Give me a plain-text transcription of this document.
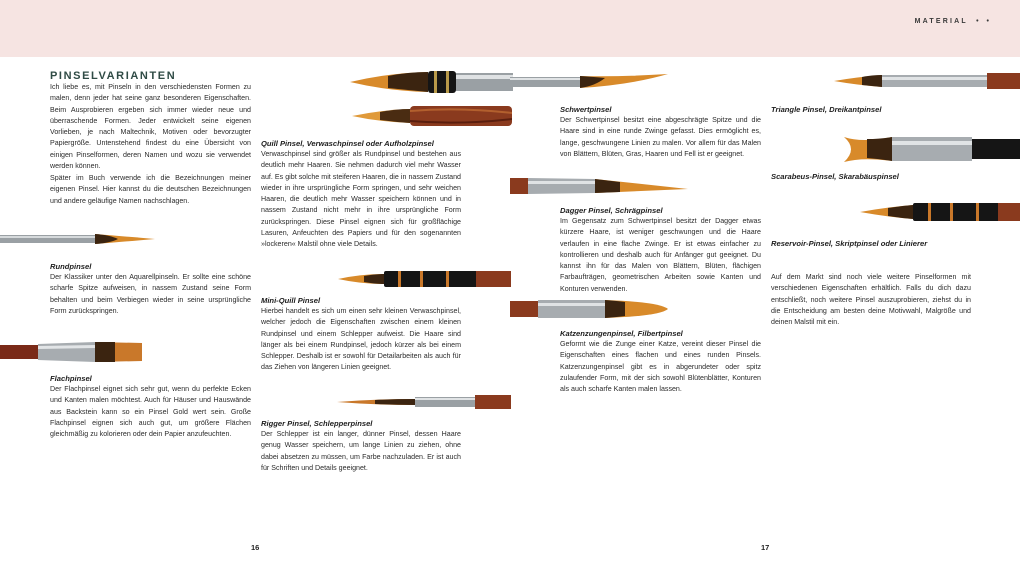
MATERIAL • •
PINSELVARIANTEN
Ich liebe es, mit Pinseln in den verschiedensten Formen zu malen, denn jeder hat seine ganz besonderen Eigenschaften. Beim Ausprobieren ergeben sich immer wieder neue und überraschende Formen. Jeder entwickelt seine eigenen Vorlieben, je nach Maltechnik, Motiven oder bevorzugter Papiergröße. Untenstehend findest du eine Übersicht von einigen Pinselformen, deren Namen und wozu sie verwendet werden können.
Später im Buch verwende ich die Bezeichnungen meiner eigenen Pinsel. Hier kannst du die deutschen Bezeichnungen und andere geläufige Namen nachschlagen.
Rundpinsel
Der Klassiker unter den Aquarellpinseln. Er sollte eine schöne scharfe Spitze aufweisen, in nassem Zustand seine Form behalten und beim Verbiegen wieder in seine ursprüngliche Form zurückspringen.
Flachpinsel
Der Flachpinsel eignet sich sehr gut, wenn du perfekte Ecken und Kanten malen möchtest. Auch für Häuser und Hauswände aus Backstein kann so ein Pinsel Gold wert sein. Große Flachpinsel eignen sich auch gut, um größere Flächen gleichmäßig zu kolorieren oder dein Papier anzufeuchten.
Quill Pinsel, Verwaschpinsel oder Aufholzpinsel
Verwaschpinsel sind größer als Rundpinsel und bestehen aus deutlich mehr Haaren. Sie nehmen dadurch viel mehr Wasser auf. Es gibt solche mit steiferen Haaren, die in nassem Zustand wieder in ihre ursprüngliche Form springen, und sehr weichen Haaren, die deutlich mehr Wasser speichern können und in nassem Zustand nicht mehr in ihre ursprüngliche Form zurückspringen. Diese Pinsel eignen sich für großflächige Lasuren, Anfeuchten des Papiers und für den sogenannten »lockeren« Malstil ohne viele Details.
Mini-Quill Pinsel
Hierbei handelt es sich um einen sehr kleinen Verwaschpinsel, welcher jedoch die Eigenschaften zwischen einem kleinen Rundpinsel und einem Schlepper aufweist. Die Haare sind länger als bei einem Rundpinsel, jedoch kürzer als bei einem Schlepper. Deshalb ist er sowohl für Detailarbeiten als auch für das Ziehen von längeren Linien geeignet.
Rigger Pinsel, Schlepperpinsel
Der Schlepper ist ein langer, dünner Pinsel, dessen Haare genug Wasser speichern, um lange Linien zu ziehen, ohne dabei absetzen zu müssen, um Farbe nachzuladen. Er ist auch für Schriften und Details geeignet.
16
Schwertpinsel
Der Schwertpinsel besitzt eine abgeschrägte Spitze und die Haare sind in eine runde Zwinge gefasst. Dies ermöglicht es, lange, geschwungene Linien zu malen. Vor allem für das Malen von Blättern, Blüten, Gras, Haaren und Fell ist er geeignet.
Dagger Pinsel, Schrägpinsel
Im Gegensatz zum Schwertpinsel besitzt der Dagger etwas kürzere Haare, ist weniger geschwungen und die Haare verlaufen in eine flache Zwinge. Er ist etwas einfacher zu kontrollieren und deshalb auch für Anfänger gut geeignet. Du kannst ihn für das Malen von Blättern, Blüten, flächigen Farbaufträgen, geometrischen Arbeiten sowie Kanten und Konturen verwenden.
Katzenzungenpinsel, Filbertpinsel
Geformt wie die Zunge einer Katze, vereint dieser Pinsel die Eigenschaften eines flachen und eines runden Pinsels. Katzenzungenpinsel gibt es in abgerundeter oder spitz zulaufender Form, mit der sich sowohl Blütenblätter, Konturen als auch scharfe Kanten malen lassen.
Triangle Pinsel, Dreikantpinsel
Scarabeus-Pinsel, Skarabäuspinsel
Reservoir-Pinsel, Skriptpinsel oder Linierer
Auf dem Markt sind noch viele weitere Pinselformen mit verschiedenen Eigenschaften erhältlich. Falls du dich dazu entschließt, noch weitere Pinsel auszuprobieren, ziehst du in die Entscheidung am besten deine Motivwahl, Malgröße und deinen Malstil mit ein.
17
